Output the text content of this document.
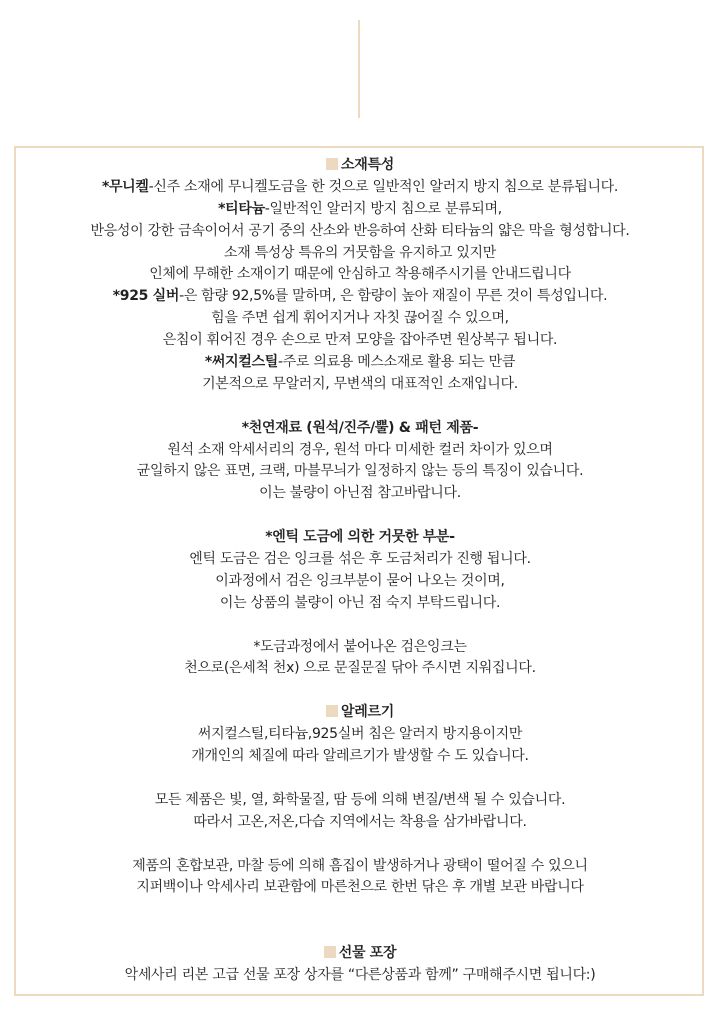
소재특성
*무니켈-신주 소재에 무니켈도금을 한 것으로 일반적인 알러지 방지 침으로 분류됩니다.
*티타늄-일반적인 알러지 방지 침으로 분류되며,
반응성이 강한 금속이어서 공기 중의 산소와 반응하여 산화 티타늄의 얇은 막을 형성합니다.
소재 특성상 특유의 거뭇함을 유지하고 있지만
인체에 무해한 소재이기 때문에 안심하고 착용해주시기를 안내드립니다
*925 실버-은 함량 92,5%를 말하며, 은 함량이 높아 재질이 무른 것이 특성입니다.
힘을 주면 쉽게 휘어지거나 자칫 끊어질 수 있으며,
은침이 휘어진 경우 손으로 만져 모양을 잡아주면 원상복구 됩니다.
*써지컬스틸-주로 의료용 메스소재로 활용 되는 만큼
기본적으로 무알러지, 무변색의 대표적인 소재입니다.
*천연재료 (원석/진주/뿔) & 패턴 제품-
원석 소재 악세서리의 경우, 원석 마다 미세한 컬러 차이가 있으며
균일하지 않은 표면, 크랙, 마블무늬가 일정하지 않는 등의 특징이 있습니다.
이는 불량이 아닌점 참고바랍니다.
*엔틱 도금에 의한 거뭇한 부분-
엔틱 도금은 검은 잉크를 섞은 후 도금처리가 진행 됩니다.
이과정에서 검은 잉크부분이 묻어 나오는 것이며,
이는 상품의 불량이 아닌 점 숙지 부탁드립니다.
*도금과정에서 붙어나온 검은잉크는
천으로(은세척 천x) 으로 문질문질 닦아 주시면 지워집니다.
알레르기
써지컬스틸,티타늄,925실버 침은 알러지 방지용이지만
개개인의 체질에 따라 알레르기가 발생할 수 도 있습니다.
모든 제품은 빛, 열, 화학물질, 땀 등에 의해 변질/변색 될 수 있습니다.
따라서 고온,저온,다습 지역에서는 착용을 삼가바랍니다.
제품의 혼합보관, 마찰 등에 의해 흠집이 발생하거나 광택이 떨어질 수 있으니
지퍼백이나 악세사리 보관함에 마른천으로 한번 닦은 후 개별 보관 바랍니다
선물 포장
악세사리 리본 고급 선물 포장 상자를 “다른상품과 함께” 구매해주시면 됩니다:)
